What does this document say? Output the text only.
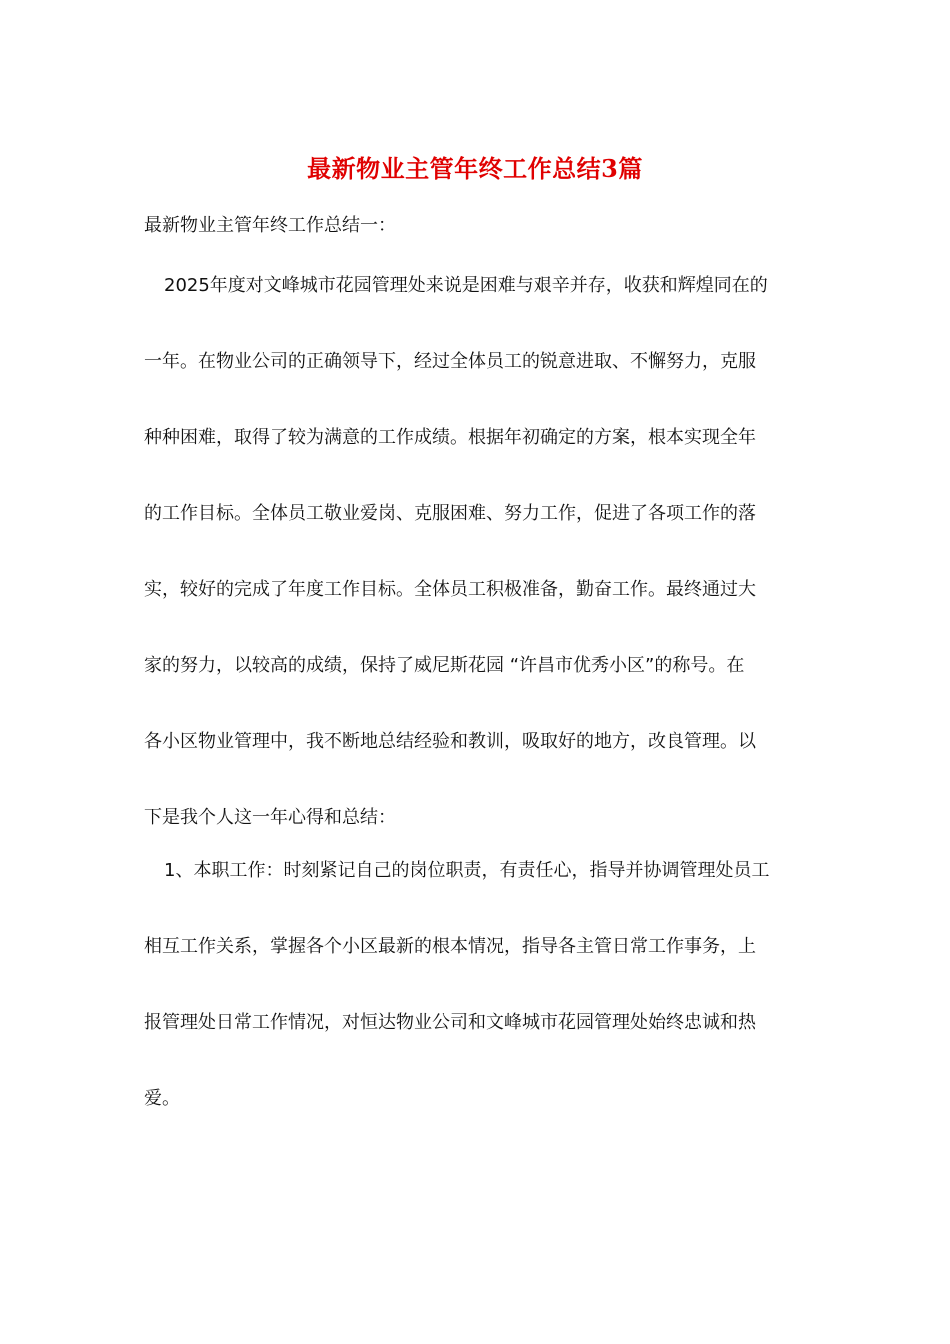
最新物业主管年终工作总结3篇

最新物业主管年终工作总结一：

2025年度对文峰城市花园管理处来说是困难与艰辛并存，收获和辉煌同在的
一年。在物业公司的正确领导下，经过全体员工的锐意进取、不懈努力，克服
种种困难，取得了较为满意的工作成绩。根据年初确定的方案，根本实现全年
的工作目标。全体员工敬业爱岗、克服困难、努力工作，促进了各项工作的落
实，较好的完成了年度工作目标。全体员工积极准备，勤奋工作。最终通过大
家的努力，以较高的成绩，保持了威尼斯花园 “许昌市优秀小区”的称号。在
各小区物业管理中，我不断地总结经验和教训，吸取好的地方，改良管理。以
下是我个人这一年心得和总结：
1、本职工作：时刻紧记自己的岗位职责，有责任心，指导并协调管理处员工
相互工作关系，掌握各个小区最新的根本情况，指导各主管日常工作事务，上
报管理处日常工作情况，对恒达物业公司和文峰城市花园管理处始终忠诚和热
爱。
